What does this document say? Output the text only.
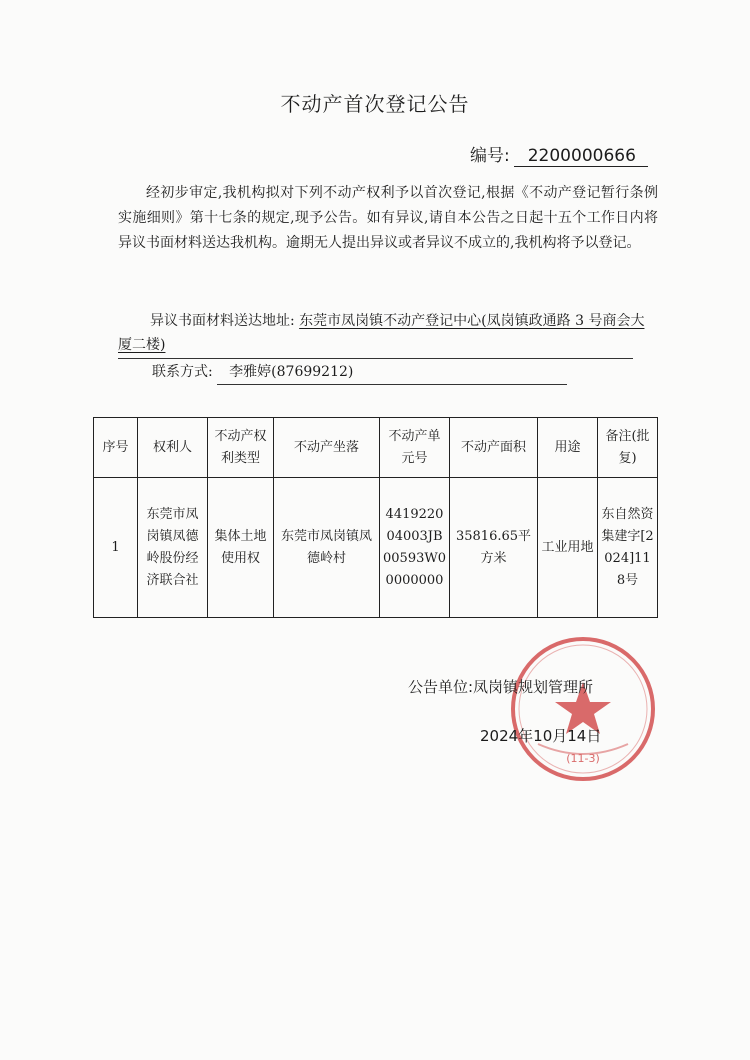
不动产首次登记公告
编号: 2200000666
经初步审定,我机构拟对下列不动产权利予以首次登记,根据《不动产登记暂行条例实施细则》第十七条的规定,现予公告。如有异议,请自本公告之日起十五个工作日内将异议书面材料送达我机构。逾期无人提出异议或者异议不成立的,我机构将予以登记。
异议书面材料送达地址: 东莞市凤岗镇不动产登记中心(凤岗镇政通路 3 号商会大厦二楼)
联系方式: 李雅婷(87699212)
序号	权利人	不动产权利类型	不动产坐落	不动产单元号	不动产面积	用途	备注(批复)
1	东莞市凤岗镇凤德岭股份经济联合社	集体土地使用权	东莞市凤岗镇凤德岭村	441922004003JB00593W00000000	35816.65平方米	工业用地	东自然资集建字[2024]118号
(11-3)
公告单位:凤岗镇规划管理所
2024年10月14日
